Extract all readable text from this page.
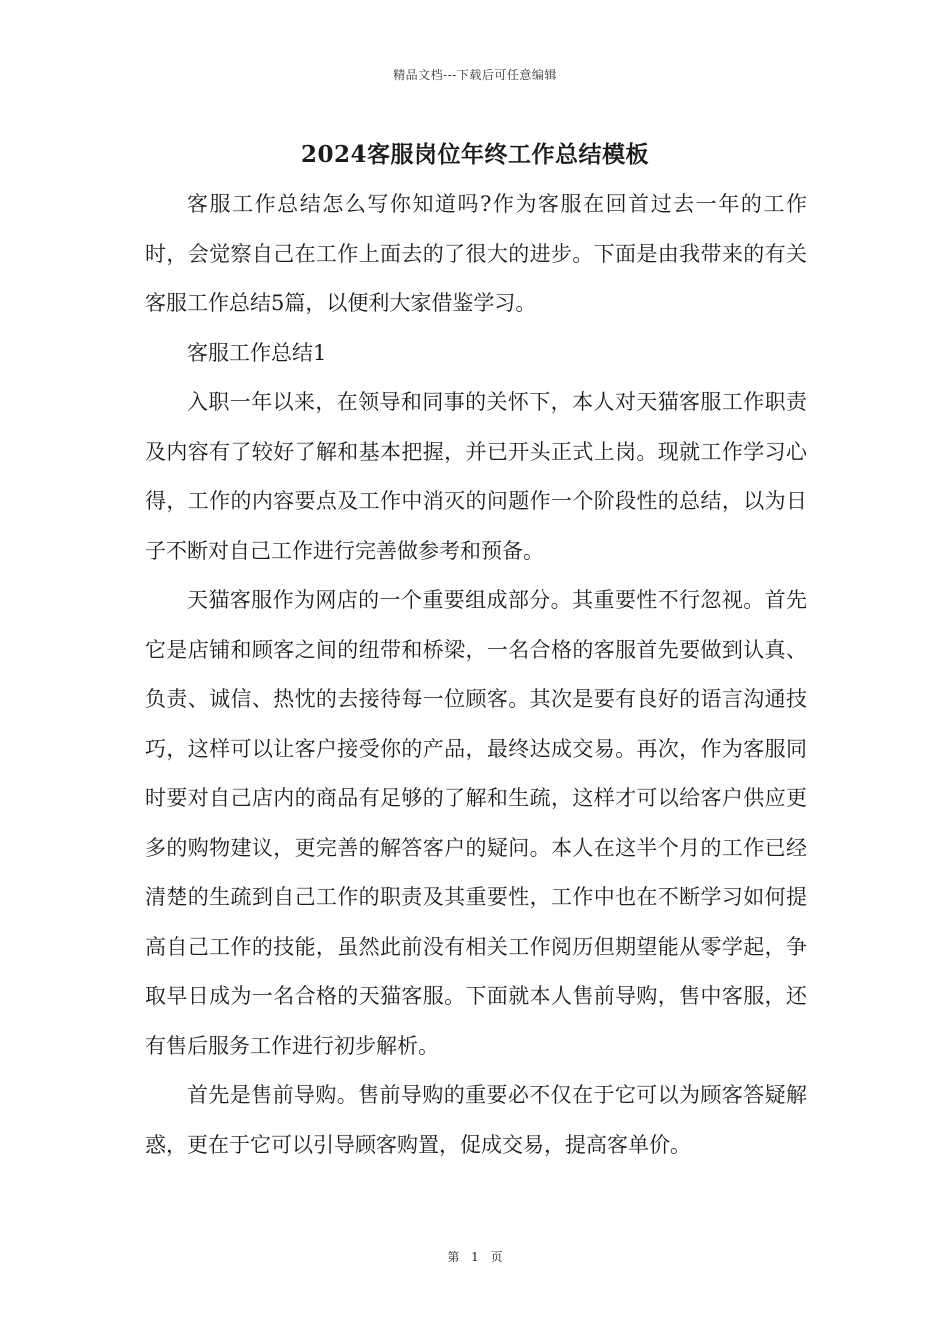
精品文档---下载后可任意编辑
2024客服岗位年终工作总结模板

客服工作总结怎么写你知道吗?作为客服在回首过去一年的工作时，会觉察自己在工作上面去的了很大的进步。下面是由我带来的有关客服工作总结5篇，以便利大家借鉴学习。

客服工作总结1

入职一年以来，在领导和同事的关怀下，本人对天猫客服工作职责及内容有了较好了解和基本把握，并已开头正式上岗。现就工作学习心得，工作的内容要点及工作中消灭的问题作一个阶段性的总结，以为日子不断对自己工作进行完善做参考和预备。

天猫客服作为网店的一个重要组成部分。其重要性不行忽视。首先它是店铺和顾客之间的纽带和桥梁，一名合格的客服首先要做到认真、负责、诚信、热忱的去接待每一位顾客。其次是要有良好的语言沟通技巧，这样可以让客户接受你的产品，最终达成交易。再次，作为客服同时要对自己店内的商品有足够的了解和生疏，这样才可以给客户供应更多的购物建议，更完善的解答客户的疑问。本人在这半个月的工作已经清楚的生疏到自己工作的职责及其重要性，工作中也在不断学习如何提高自己工作的技能，虽然此前没有相关工作阅历但期望能从零学起，争取早日成为一名合格的天猫客服。下面就本人售前导购，售中客服，还有售后服务工作进行初步解析。

首先是售前导购。售前导购的重要必不仅在于它可以为顾客答疑解惑，更在于它可以引导顾客购置，促成交易，提高客单价。

第 1 页
